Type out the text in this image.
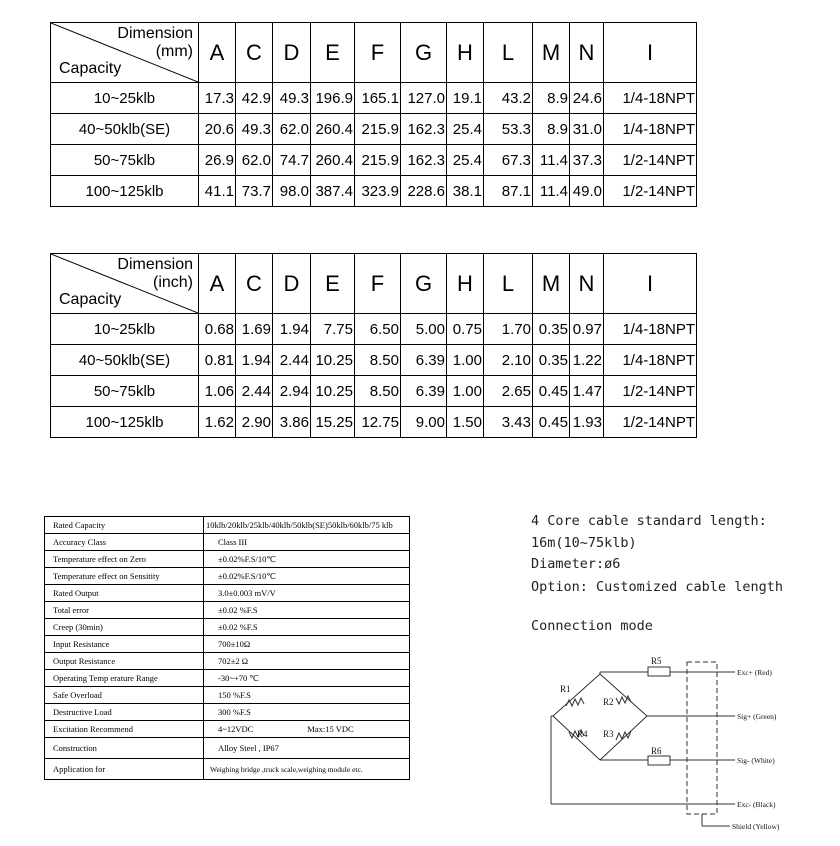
Dimension
(mm)
Capacity	A	C	D	E	F	G	H	L	M	N	I
10~25klb	17.3	42.9	49.3	196.9	165.1	127.0	19.1	43.2	8.9	24.6	1/4-18NPT
40~50klb(SE)	20.6	49.3	62.0	260.4	215.9	162.3	25.4	53.3	8.9	31.0	1/4-18NPT
50~75klb	26.9	62.0	74.7	260.4	215.9	162.3	25.4	67.3	11.4	37.3	1/2-14NPT
100~125klb	41.1	73.7	98.0	387.4	323.9	228.6	38.1	87.1	11.4	49.0	1/2-14NPT
Dimension
(inch)
Capacity	A	C	D	E	F	G	H	L	M	N	I
10~25klb	0.68	1.69	1.94	7.75	6.50	5.00	0.75	1.70	0.35	0.97	1/4-18NPT
40~50klb(SE)	0.81	1.94	2.44	10.25	8.50	6.39	1.00	2.10	0.35	1.22	1/4-18NPT
50~75klb	1.06	2.44	2.94	10.25	8.50	6.39	1.00	2.65	0.45	1.47	1/2-14NPT
100~125klb	1.62	2.90	3.86	15.25	12.75	9.00	1.50	3.43	0.45	1.93	1/2-14NPT
Rated Capacity	10klb/20klb/25klb/40klb/50klb(SE)50klb/60klb/75 klb
Accuracy Class	Class III
Temperature effect on Zero	±0.02%F.S/10℃
Temperature effect on Sensitity	±0.02%F.S/10℃
Rated Output	3.0±0.003 mV/V
Total error	±0.02 %F.S
Creep (30min)	±0.02 %F.S
Input Resistance	700±10Ω
Output Resistance	702±2 Ω
Operating Temp erature Range	-30~+70 ℃
Safe Overload	150 %F.S
Destructive Load	300 %F.S
Excitation Recommend	4~12VDC Max:15 VDC
Construction	Alloy Steel , IP67
Application for	Weighing bridge ,truck scale,weighing module etc.
4 Core cable standard length:
16m(10~75klb)
Diameter:ø6
Option: Customized cable length
Connection mode
R1
R2
R3
R4
R5
R6
Exc+ (Red)
Sig+ (Green)
Sig- (White)
Exc- (Black)
Shield (Yellow)
